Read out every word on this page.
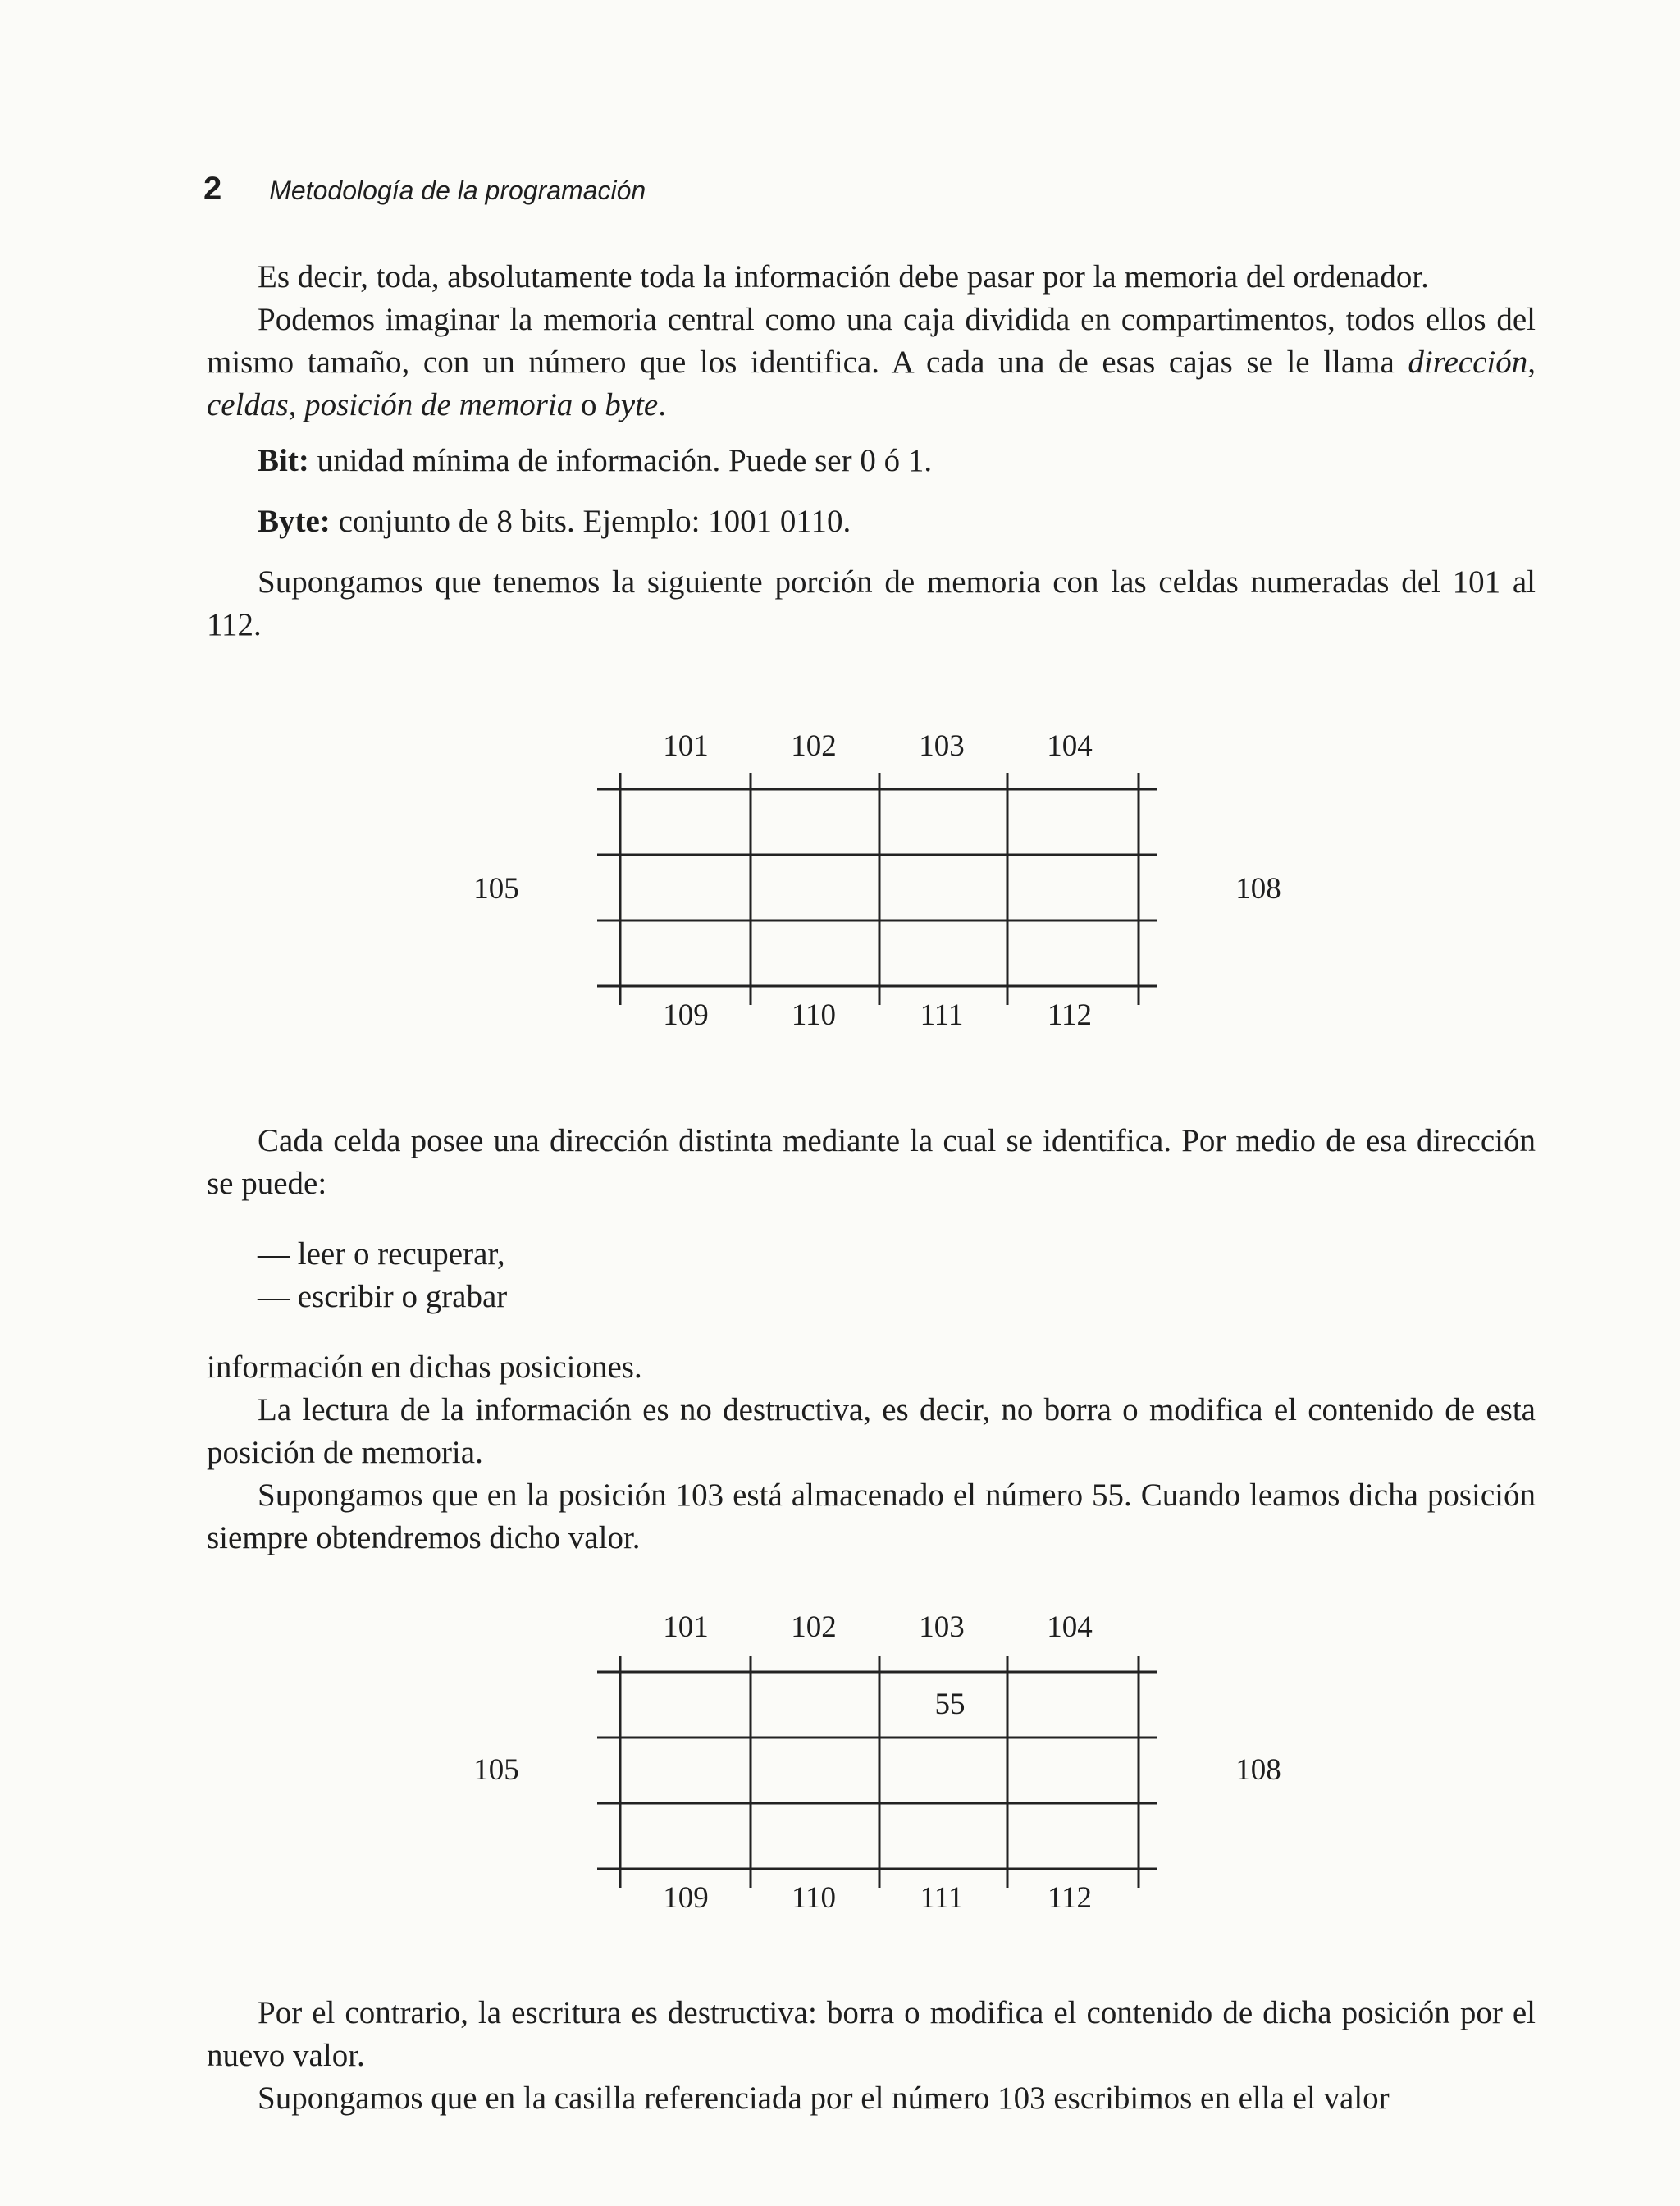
2 Metodología de la programación

Es decir, toda, absolutamente toda la información debe pasar por la memoria del ordenador.

Podemos imaginar la memoria central como una caja dividida en compartimentos, todos ellos del mismo tamaño, con un número que los identifica. A cada una de esas cajas se le llama dirección, celdas, posición de memoria o byte.

Bit: unidad mínima de información. Puede ser 0 ó 1.

Byte: conjunto de 8 bits. Ejemplo: 1001 0110.

Supongamos que tenemos la siguiente porción de memoria con las celdas numeradas del 101 al 112.

101	102	103	104
105	108
109	110	111	112

Cada celda posee una dirección distinta mediante la cual se identifica. Por medio de esa dirección se puede:

— leer o recuperar,
— escribir o grabar

información en dichas posiciones.

La lectura de la información es no destructiva, es decir, no borra o modifica el contenido de esta posición de memoria.

Supongamos que en la posición 103 está almacenado el número 55. Cuando leamos dicha posición siempre obtendremos dicho valor.

101	102	103	104
55
105	108
109	110	111	112

Por el contrario, la escritura es destructiva: borra o modifica el contenido de dicha posición por el nuevo valor.

Supongamos que en la casilla referenciada por el número 103 escribimos en ella el valor
